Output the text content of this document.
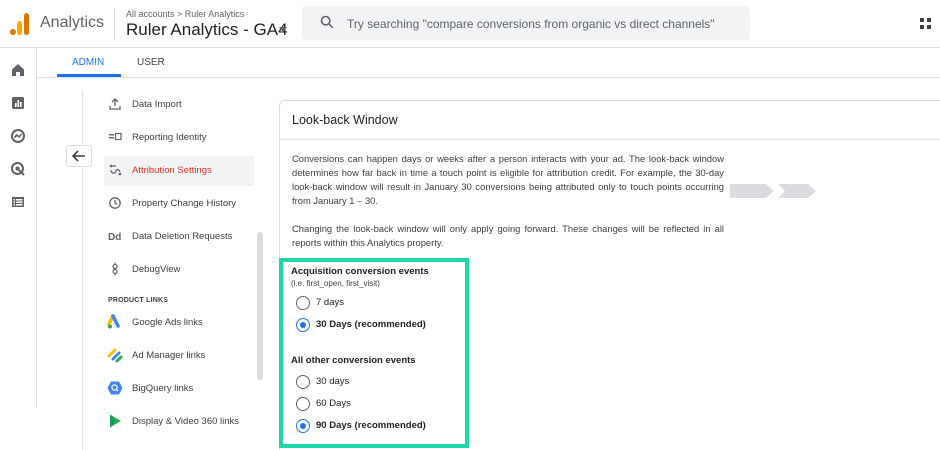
Analytics All accounts > Ruler Analytics
Ruler Analytics - GA4	Try searching "compare conversions from organic vs direct channels"
ADMIN	USER
Data Import
Reporting Identity
Attribution Settings
Property Change History
Dd Data Deletion Requests
DebugView
PRODUCT LINKS
Google Ads links
Ad Manager links
BigQuery links
Display & Video 360 links
Look-back Window
Conversions can happen days or weeks after a person interacts with your ad. The look-back window determines how far back in time a touch point is eligible for attribution credit. For example, the 30-day look-back window will result in January 30 conversions being attributed only to touch points occurring from January 1 – 30.
Changing the look-back window will only apply going forward. These changes will be reflected in all reports within this Analytics property.
Acquisition conversion events
(i.e. first_open, first_visit)
7 days
30 Days (recommended)
All other conversion events
30 days
60 Days
90 Days (recommended)
